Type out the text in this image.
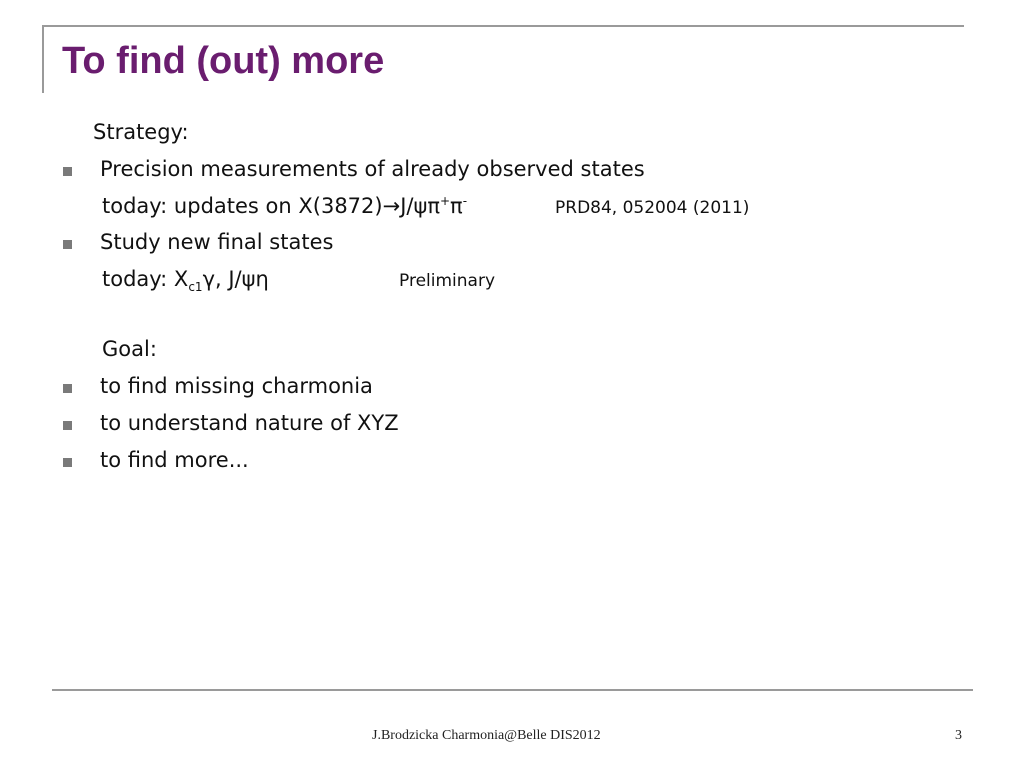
To find (out) more
Strategy:
Precision measurements of already observed states
today: updates on X(3872)→J/ψπ+π-	PRD84, 052004 (2011)
Study new final states
today: $X_{c1}\gamma$, J/ψη	Preliminary
Goal:
to find missing charmonia
to understand nature of XYZ
to find more...
J.Brodzicka Charmonia@Belle DIS2012	3
